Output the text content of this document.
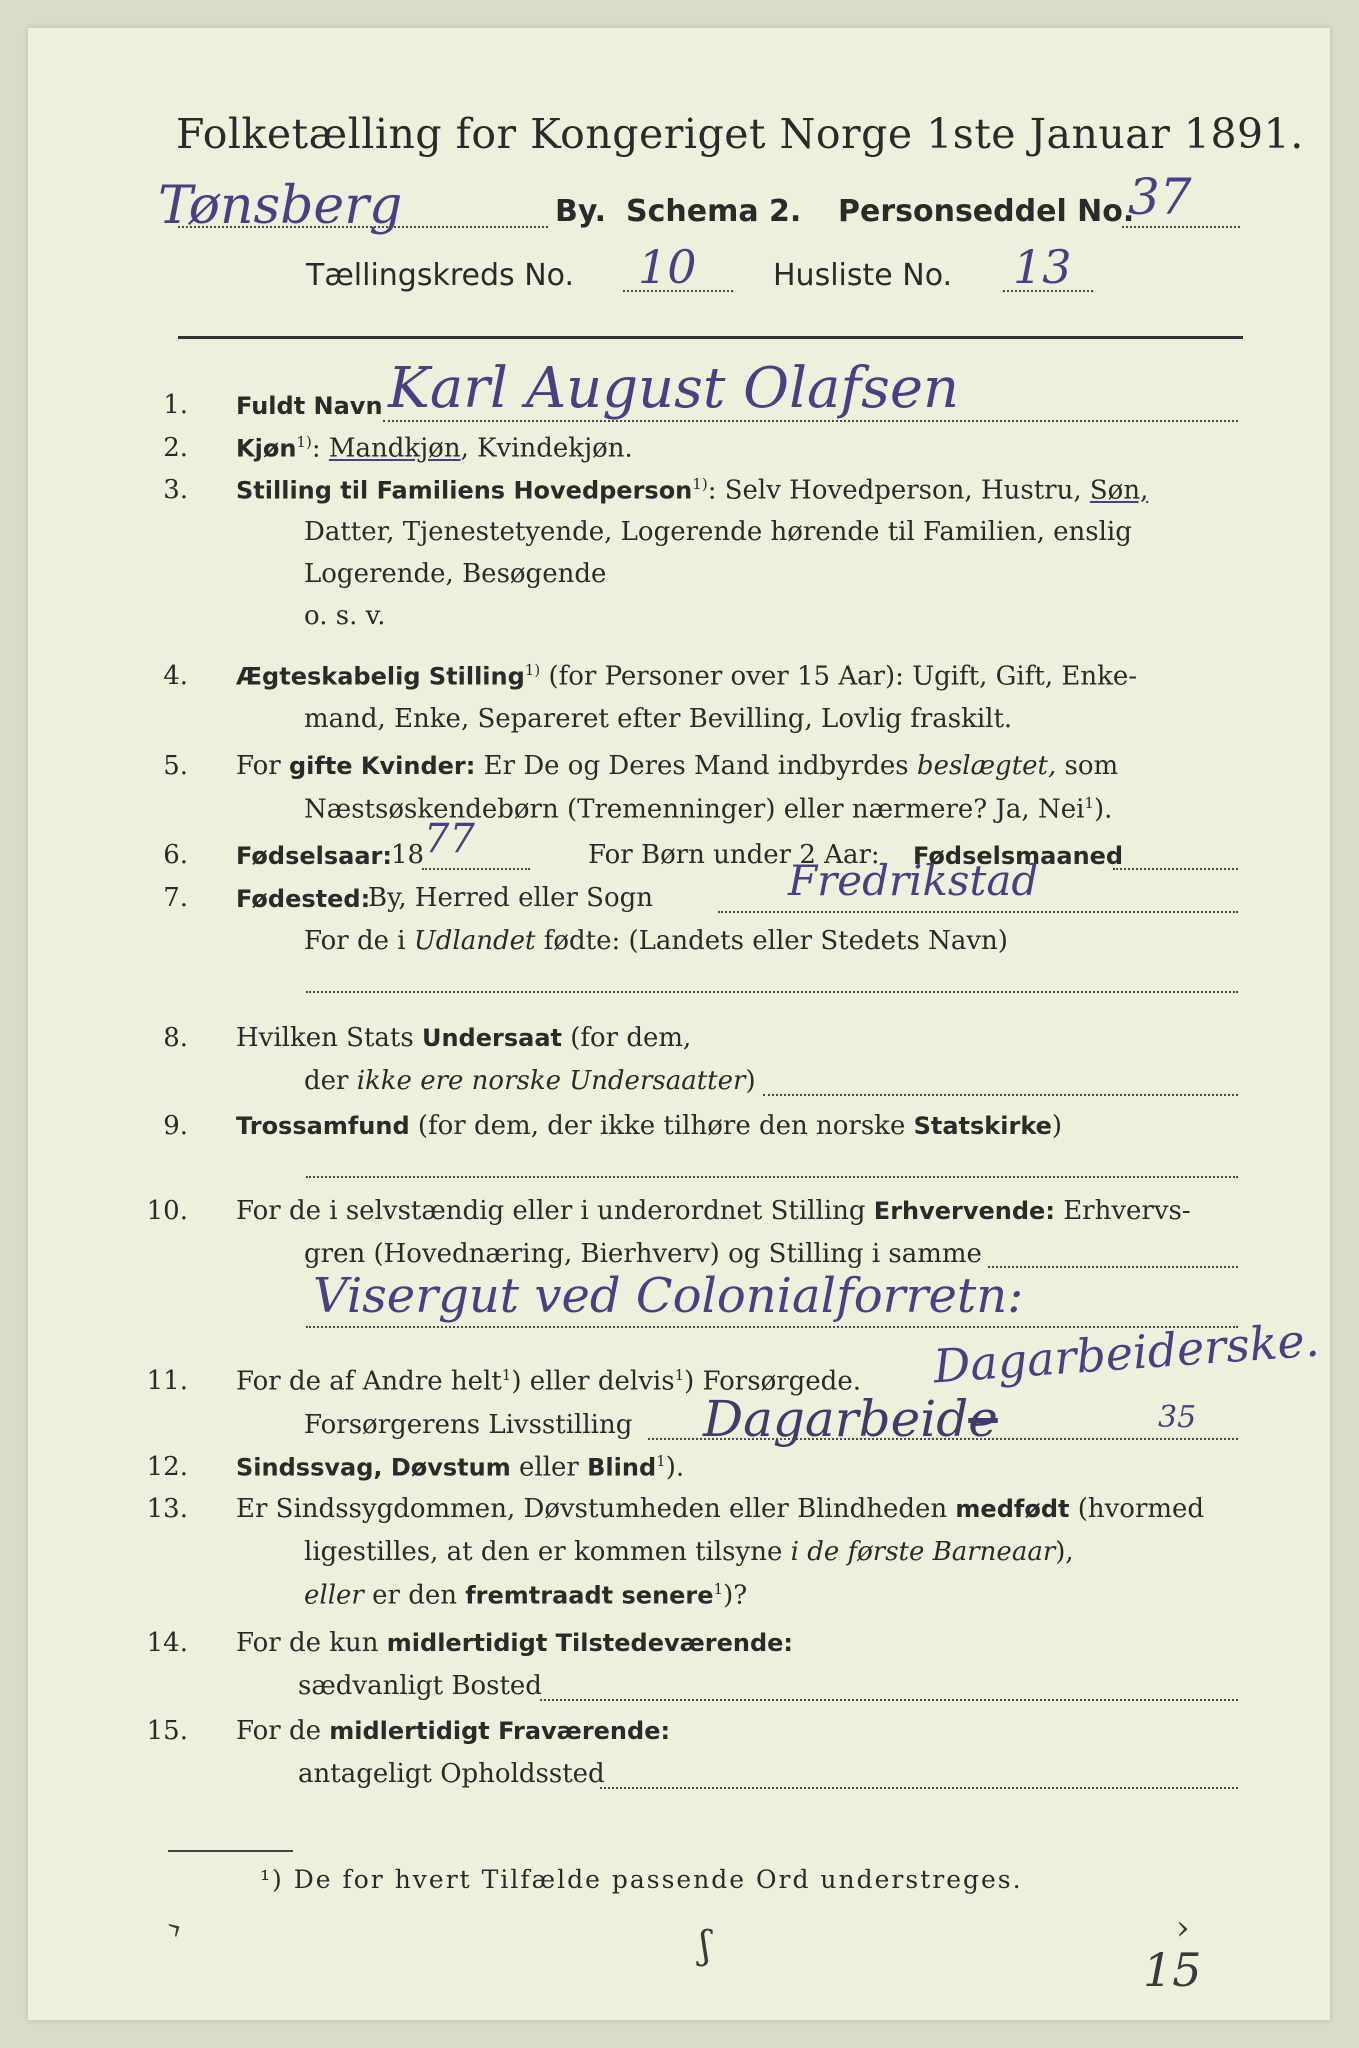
Folketælling for Kongeriget Norge 1ste Januar 1891.
Tønsberg	By. Schema 2. Personseddel No.
37
Tællingskreds No. 10	Husliste No. 13
1. Fuldt Navn Karl August Olafsen
2. Kjøn$^{1)}$: Mandkjøn, Kvindekjøn.
3. Stilling til Familiens Hovedperson$^{1)}$: Selv Hovedperson, Hustru, Søn,
Datter, Tjenestetyende, Logerende hørende til Familien, enslig
Logerende, Besøgende
o. s. v.
4. Ægteskabelig Stilling$^{1)}$ (for Personer over 15 Aar): Ugift, Gift, Enke-
mand, Enke, Separeret efter Bevilling, Lovlig fraskilt.
5. For gifte Kvinder: Er De og Deres Mand indbyrdes beslægtet, som
Næstsøskendebørn (Tremenninger) eller nærmere? Ja, Nei$^1$).
6. Fødselsaar: 18 77	For Børn under 2 Aar: Fødselsmaaned
7. Fødested:
By, Herred eller Sogn	Fredrikstad
For de i Udlandet fødte: (Landets eller Stedets Navn)
8. Hvilken Stats Undersaat (for dem,
der ikke ere norske Undersaatter)
9. Trossamfund (for dem, der ikke tilhøre den norske Statskirke)
10. For de i selvstændig eller i underordnet Stilling Erhvervende: Erhvervs-
gren (Hovednæring, Bierhverv) og Stilling i samme
Visergut ved Colonialforretn:
11. For de af Andre helt$^1$) eller delvis$^1$) Forsørgede. Dagarbeiderske.
Forsørgerens Livsstilling Dagarbeide	35
12. Sindssvag, Døvstum eller Blind$^1$).
13. Er Sindssygdommen, Døvstumheden eller Blindheden medfødt (hvormed
ligestilles, at den er kommen tilsyne i de første Barneaar),
eller er den fremtraadt senere$^1$)?
14. For de kun midlertidigt Tilstedeværende:
sædvanligt Bosted
15. For de midlertidigt Fraværende:
antageligt Opholdssted
¹) De for hvert Tilfælde passende Ord understreges.
›	ʃ	›
15
